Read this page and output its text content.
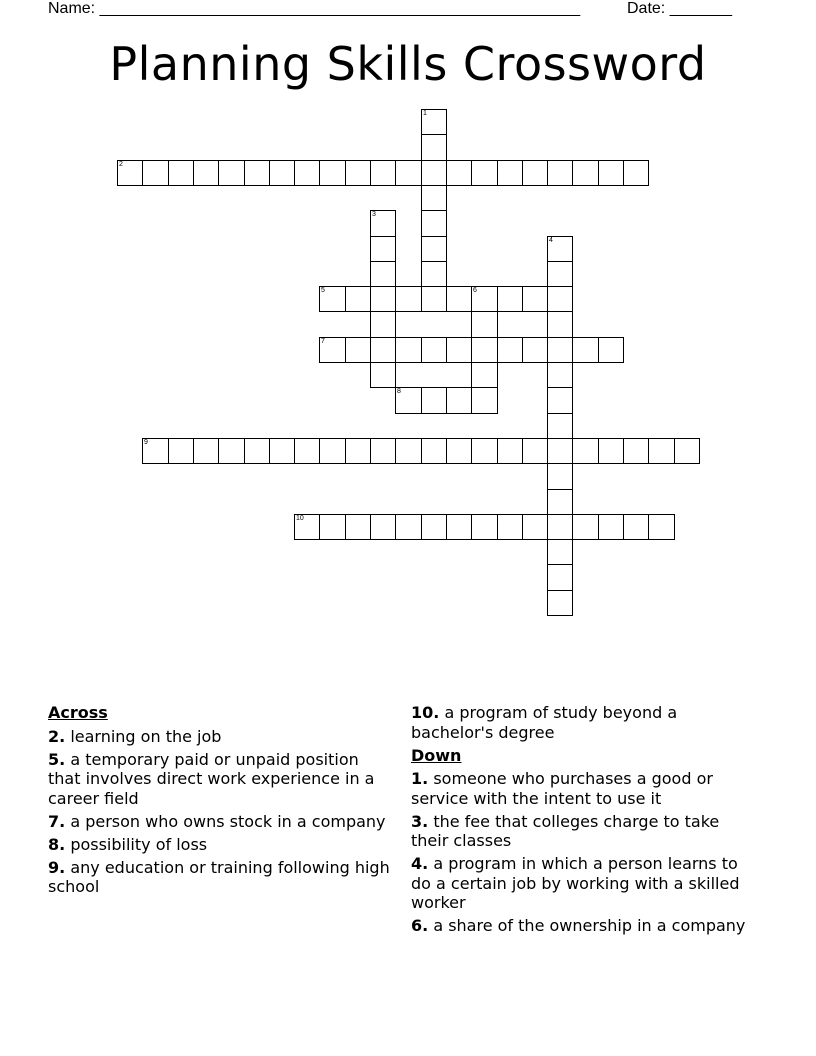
Name: ______________________________________________________	Date: _______
Planning Skills Crossword
1
2
3
4
5	6
7
8
9
10
Across
2. learning on the job
5. a temporary paid or unpaid position that involves direct work experience in a career field
7. a person who owns stock in a company
8. possibility of loss
9. any education or training following high school
10. a program of study beyond a bachelor's degree
Down
1. someone who purchases a good or service with the intent to use it
3. the fee that colleges charge to take their classes
4. a program in which a person learns to do a certain job by working with a skilled worker
6. a share of the ownership in a company
